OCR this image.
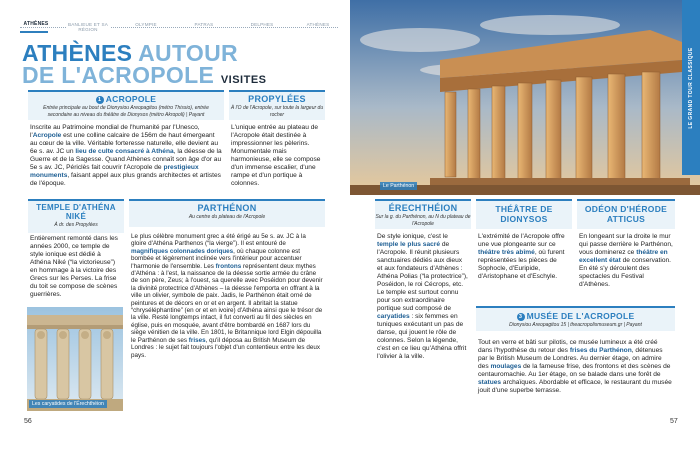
ATHÈNES	BANLIEUE ET SA RÉGION
OLYMPIE	PATRAS	DELPHES	ATHÈNES
ATHÈNES AUTOUR
DE L'ACROPOLE VISITES
1 ACROPOLE
Entrée principale au bout de Dionysiou Areopagitou (métro Thissio), entrée secondaire au niveau du théâtre de Dionysos (métro Akropoli) | Payant
Inscrite au Patrimoine mondial de l'humanité par l'Unesco, l'Acropole est une colline calcaire de 156m de haut émergeant au cœur de la ville. Véritable forteresse naturelle, elle devient au 6e s. av. JC un lieu de culte consacré à Athéna, la déesse de la Guerre et de la Sagesse. Quand Athènes connaît son âge d'or au 5e s av. JC, Périclès fait couvrir l'Acropole de prestigieux monuments, faisant appel aux plus grands architectes et artistes de l'époque.
PROPYLÉES
À l'O de l'Acropole, sur toute la largeur du rocher
L'unique entrée au plateau de l'Acropole était destinée à impressionner les pèlerins. Monumentale mais harmonieuse, elle se compose d'un immense escalier, d'une rampe et d'un portique à colonnes.
TEMPLE D'ATHÉNA NIKÉ
À dr. des Propylées
Entièrement remonté dans les années 2000, ce temple de style ionique est dédié à Athéna Niké (“la victorieuse”) en hommage à la victoire des Grecs sur les Perses. La frise du toit se compose de scènes guerrières.
Les caryatides de l'Érechthéion
PARTHÉNON
Au centre du plateau de l'Acropole
Le plus célèbre monument grec a été érigé au 5e s. av. JC à la gloire d'Athéna Parthenos (“la vierge”). Il est entouré de magnifiques colonnades doriques, où chaque colonne est bombée et légèrement inclinée vers l'intérieur pour accentuer l'harmonie de l'ensemble. Les frontons représentent deux mythes d'Athéna : à l'est, la naissance de la déesse sortie armée du crâne de son père, Zeus; à l'ouest, sa querelle avec Poséidon pour devenir la divinité protectrice d'Athènes – la déesse l'emporta en offrant à la ville un olivier, symbole de paix. Jadis, le Parthénon était orné de peintures et de décors en or et en argent. Il abritait la statue “chryséléphantine” (en or et en ivoire) d'Athéna ainsi que le trésor de la ville. Resté longtemps intact, il fut converti au fil des siècles en église, puis en mosquée, avant d'être bombardé en 1687 lors du siège vénitien de la ville. En 1801, le Britannique lord Elgin dépouilla le Parthénon de ses frises, qu'il déposa au British Museum de Londres : le sujet fait toujours l'objet d'un contentieux entre les deux pays.
56
Le Parthénon
LE GRAND TOUR CLASSIQUE
ÉRECHTHÉION
Sur la g. du Parthénon, au N du plateau de l'Acropole
De style ionique, c'est le temple le plus sacré de l'Acropole. Il réunit plusieurs sanctuaires dédiés aux dieux et aux fondateurs d'Athènes : Athéna Polias (“la protectrice”), Poséidon, le roi Cécrops, etc. Le temple est surtout connu pour son extraordinaire portique sud composé de caryatides : six femmes en tuniques exécutant un pas de danse, qui jouent le rôle de colonnes. Selon la légende, c'est en ce lieu qu'Athéna offrit l'olivier à la ville.
THÉÂTRE DE DIONYSOS
L'extrémité de l'Acropole offre une vue plongeante sur ce théâtre très abîmé, où furent représentées les pièces de Sophocle, d'Euripide, d'Aristophane et d'Eschyle.
ODÉON D'HÉRODE ATTICUS
En longeant sur la droite le mur qui passe derrière le Parthénon, vous dominerez ce théâtre en excellent état de conservation. En été s'y déroulent des spectacles du Festival d'Athènes.
3 MUSÉE DE L'ACROPOLE
Dionysiou Areopagitou 15 | theacropolismuseum.gr | Payant
Tout en verre et bâti sur pilotis, ce musée lumineux a été créé dans l'hypothèse du retour des frises du Parthénon, détenues par le British Museum de Londres. Au dernier étage, on admire des moulages de la fameuse frise, des frontons et des scènes de centauromachie. Au 1er étage, on se balade dans une forêt de statues archaïques. Abordable et efficace, le restaurant du musée jouit d'une superbe terrasse.
57
